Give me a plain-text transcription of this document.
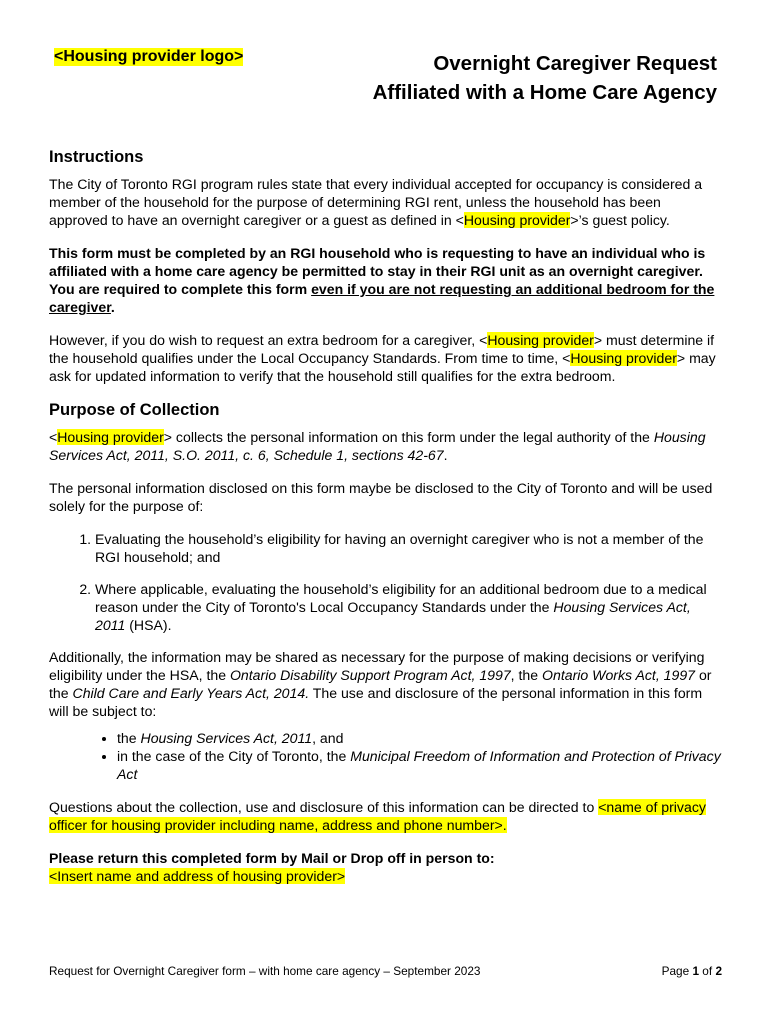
<Housing provider logo>	Overnight Caregiver Request
Affiliated with a Home Care Agency
Instructions

The City of Toronto RGI program rules state that every individual accepted for occupancy is considered a member of the household for the purpose of determining RGI rent, unless the household has been approved to have an overnight caregiver or a guest as defined in <Housing provider>’s guest policy.

This form must be completed by an RGI household who is requesting to have an individual who is affiliated with a home care agency be permitted to stay in their RGI unit as an overnight caregiver. You are required to complete this form even if you are not requesting an additional bedroom for the caregiver.

However, if you do wish to request an extra bedroom for a caregiver, <Housing provider> must determine if the household qualifies under the Local Occupancy Standards. From time to time, <Housing provider> may ask for updated information to verify that the household still qualifies for the extra bedroom.

Purpose of Collection

<Housing provider> collects the personal information on this form under the legal authority of the Housing Services Act, 2011, S.O. 2011, c. 6, Schedule 1, sections 42-67.

The personal information disclosed on this form maybe be disclosed to the City of Toronto and will be used solely for the purpose of:

1. Evaluating the household’s eligibility for having an overnight caregiver who is not a member of the RGI household; and
2. Where applicable, evaluating the household’s eligibility for an additional bedroom due to a medical reason under the City of Toronto's Local Occupancy Standards under the Housing Services Act, 2011 (HSA).

Additionally, the information may be shared as necessary for the purpose of making decisions or verifying eligibility under the HSA, the Ontario Disability Support Program Act, 1997, the Ontario Works Act, 1997 or the Child Care and Early Years Act, 2014. The use and disclosure of the personal information in this form will be subject to:

• the Housing Services Act, 2011, and
• in the case of the City of Toronto, the Municipal Freedom of Information and Protection of Privacy Act

Questions about the collection, use and disclosure of this information can be directed to <name of privacy officer for housing provider including name, address and phone number>.

Please return this completed form by Mail or Drop off in person to:
<Insert name and address of housing provider>

Request for Overnight Caregiver form – with home care agency – September 2023	Page 1 of 2
